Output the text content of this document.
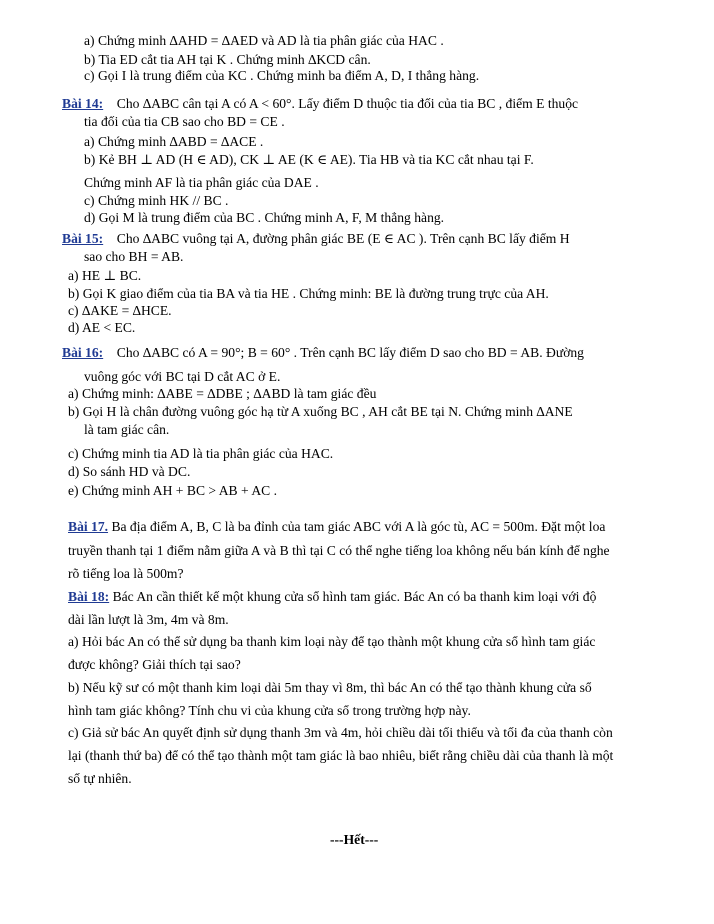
a) Chứng minh ∆AHD = ∆AED và AD là tia phân giác của HAC .
b) Tia ED cắt tia AH tại K . Chứng minh ∆KCD cân.
c) Gọi I là trung điểm của KC . Chứng minh ba điểm A, D, I thẳng hàng.
Bài 14: Cho ∆ABC cân tại A có A < 60°. Lấy điểm D thuộc tia đối của tia BC , điểm E thuộc
tia đối của tia CB sao cho BD = CE .
a) Chứng minh ∆ABD = ∆ACE .
b) Kẻ BH ⊥ AD (H ∈ AD), CK ⊥ AE (K ∈ AE). Tia HB và tia KC cắt nhau tại F.
Chứng minh AF là tia phân giác của DAE .
c) Chứng minh HK // BC .
d) Gọi M là trung điểm của BC . Chứng minh A, F, M thẳng hàng.
Bài 15: Cho ∆ABC vuông tại A, đường phân giác BE (E ∈ AC ). Trên cạnh BC lấy điểm H
sao cho BH = AB.
a) HE ⊥ BC.
b) Gọi K giao điểm của tia BA và tia HE . Chứng minh: BE là đường trung trực của AH.
c) ∆AKE = ∆HCE.
d) AE < EC.
Bài 16: Cho ∆ABC có A = 90°; B = 60° . Trên cạnh BC lấy điểm D sao cho BD = AB. Đường
vuông góc với BC tại D cắt AC ở E.
a) Chứng minh: ∆ABE = ∆DBE ; ∆ABD là tam giác đều
b) Gọi H là chân đường vuông góc hạ từ A xuống BC , AH cắt BE tại N. Chứng minh ∆ANE
là tam giác cân.
c) Chứng minh tia AD là tia phân giác của HAC.
d) So sánh HD và DC.
e) Chứng minh AH + BC > AB + AC .
Bài 17. Ba địa điểm A, B, C là ba đỉnh của tam giác ABC với A là góc tù, AC = 500m. Đặt một loa
truyền thanh tại 1 điểm nằm giữa A và B thì tại C có thể nghe tiếng loa không nếu bán kính để nghe
rõ tiếng loa là 500m?
Bài 18: Bác An cần thiết kế một khung cửa sổ hình tam giác. Bác An có ba thanh kim loại với độ
dài lần lượt là 3m, 4m và 8m.
a) Hỏi bác An có thể sử dụng ba thanh kim loại này để tạo thành một khung cửa sổ hình tam giác
được không? Giải thích tại sao?
b) Nếu kỹ sư có một thanh kim loại dài 5m thay vì 8m, thì bác An có thể tạo thành khung cửa sổ
hình tam giác không? Tính chu vi của khung cửa sổ trong trường hợp này.
c) Giả sử bác An quyết định sử dụng thanh 3m và 4m, hỏi chiều dài tối thiểu và tối đa của thanh còn
lại (thanh thứ ba) để có thể tạo thành một tam giác là bao nhiêu, biết rằng chiều dài của thanh là một
số tự nhiên.
---Hết---
